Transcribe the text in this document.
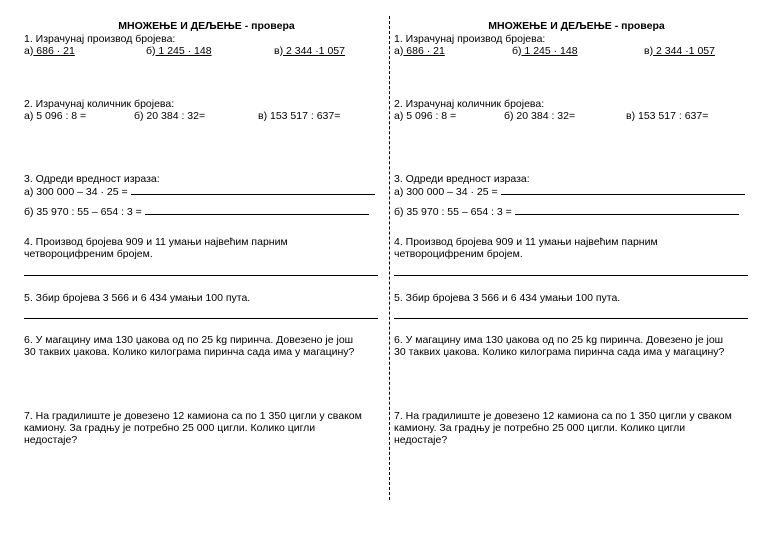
МНОЖЕЊЕ И ДЕЉЕЊЕ - провера
1. Израчунај производ бројева:
а) 686 · 21	б) 1 245 · 148	в) 2 344 ·1 057
2. Израчунај количник бројева:
а) 5 096 : 8 =	б) 20 384 : 32=	в) 153 517 : 637=
3. Одреди вредност израза:
а) 300 000 – 34 · 25 =
б) 35 970 : 55 – 654 : 3 =
4. Производ бројева 909 и 11 умањи највећим парним
четвороцифреним бројем.
5. Збир бројева 3 566 и 6 434 умањи 100 пута.
6. У магацину има 130 џакова од по 25 kg пиринча. Довезено је још
30 таквих џакова. Колико килограма пиринча сада има у магацину?
7. На градилиште је довезено 12 камиона са по 1 350 цигли у сваком
камиону. За градњу је потребно 25 000 цигли. Колико цигли
недостаје?
МНОЖЕЊЕ И ДЕЉЕЊЕ - провера
1. Израчунај производ бројева:
а) 686 · 21	б) 1 245 · 148	в) 2 344 ·1 057
2. Израчунај количник бројева:
а) 5 096 : 8 =	б) 20 384 : 32=	в) 153 517 : 637=
3. Одреди вредност израза:
а) 300 000 – 34 · 25 =
б) 35 970 : 55 – 654 : 3 =
4. Производ бројева 909 и 11 умањи највећим парним
четвороцифреним бројем.
5. Збир бројева 3 566 и 6 434 умањи 100 пута.
6. У магацину има 130 џакова од по 25 kg пиринча. Довезено је још
30 таквих џакова. Колико килограма пиринча сада има у магацину?
7. На градилиште је довезено 12 камиона са по 1 350 цигли у сваком
камиону. За градњу је потребно 25 000 цигли. Колико цигли
недостаје?
